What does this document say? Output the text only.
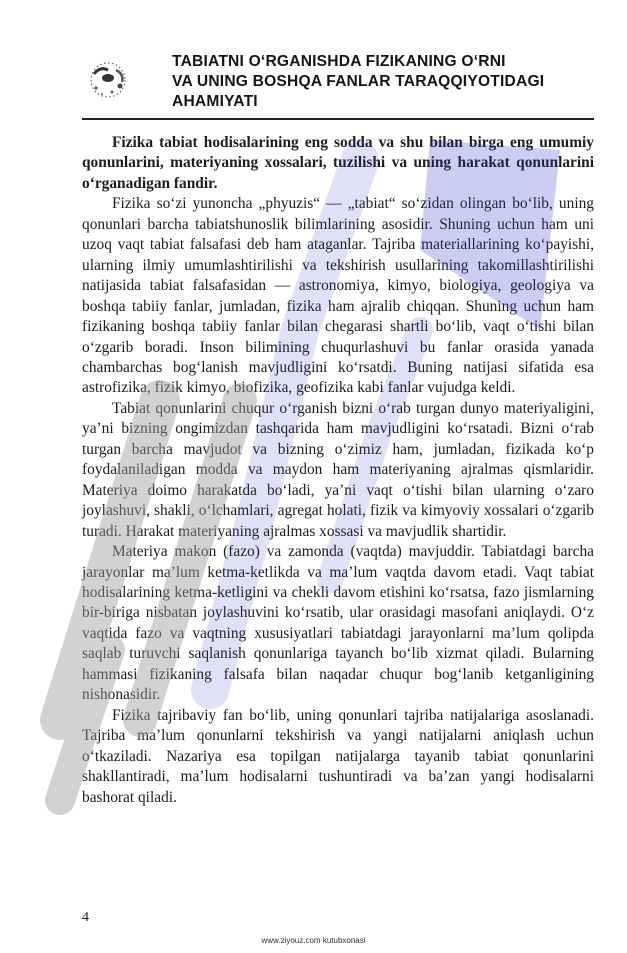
TABIATNI O‘RGANISHDA FIZIKANING O‘RNI
VA UNING BOSHQA FANLAR TARAQQIYOTIDAGI
AHAMIYATI

Fizika tabiat hodisalarining eng sodda va shu bilan birga eng umumiy qonunlarini, materiyaning xossalari, tuzilishi va uning harakat qonunlarini o‘rganadigan fandir.

Fizika so‘zi yunoncha „phyuzis“ — „tabiat“ so‘zidan olingan bo‘lib, uning qonunlari barcha tabiatshunoslik bilimlarining asosidir. Shuning uchun ham uni uzoq vaqt tabiat falsafasi deb ham ataganlar. Tajriba materiallarining ko‘payishi, ularning ilmiy umumlashtirilishi va tekshirish usullarining takomillashtirilishi natijasida tabiat falsafasidan — astronomiya, kimyo, biologiya, geologiya va boshqa tabiiy fanlar, jumladan, fizika ham ajralib chiqqan. Shuning uchun ham fizikaning boshqa tabiiy fanlar bilan chegarasi shartli bo‘lib, vaqt o‘tishi bilan o‘zgarib boradi. Inson bilimining chuqurlashuvi bu fanlar orasida yanada chambarchas bog‘lanish mavjudligini ko‘rsatdi. Buning natijasi sifatida esa astrofizika, fizik kimyo, biofizika, geofizika kabi fanlar vujudga keldi.

Tabiat qonunlarini chuqur o‘rganish bizni o‘rab turgan dunyo materiyaligini, ya’ni bizning ongimizdan tashqarida ham mavjudligini ko‘rsatadi. Bizni o‘rab turgan barcha mavjudot va bizning o‘zimiz ham, jumladan, fizikada ko‘p foydalaniladigan modda va maydon ham materiyaning ajralmas qismlaridir. Materiya doimo harakatda bo‘ladi, ya’ni vaqt o‘tishi bilan ularning o‘zaro joylashuvi, shakli, o‘lchamlari, agregat holati, fizik va kimyoviy xossalari o‘zgarib turadi. Harakat materiyaning ajralmas xossasi va mavjudlik shartidir.

Materiya makon (fazo) va zamonda (vaqtda) mavjuddir. Tabiatdagi barcha jarayonlar ma’lum ketma-ketlikda va ma’lum vaqtda davom etadi. Vaqt tabiat hodisalarining ketma-ketligini va chekli davom etishini ko‘rsatsa, fazo jismlarning bir-biriga nisbatan joylashuvini ko‘rsatib, ular orasidagi masofani aniqlaydi. O‘z vaqtida fazo va vaqtning xususiyatlari tabiatdagi jarayonlarni ma’lum qolipda saqlab turuvchi saqlanish qonunlariga tayanch bo‘lib xizmat qiladi. Bularning hammasi fizikaning falsafa bilan naqadar chuqur bog‘lanib ketganligining nishonasidir.

Fizika tajribaviy fan bo‘lib, uning qonunlari tajriba natijalariga asoslanadi. Tajriba ma’lum qonunlarni tekshirish va yangi natijalarni aniqlash uchun o‘tkaziladi. Nazariya esa topilgan natijalarga tayanib tabiat qonunlarini shakllantiradi, ma’lum hodisalarni tushuntiradi va ba’zan yangi hodisalarni bashorat qiladi.

4
www.ziyouz.com kutubxonasi
